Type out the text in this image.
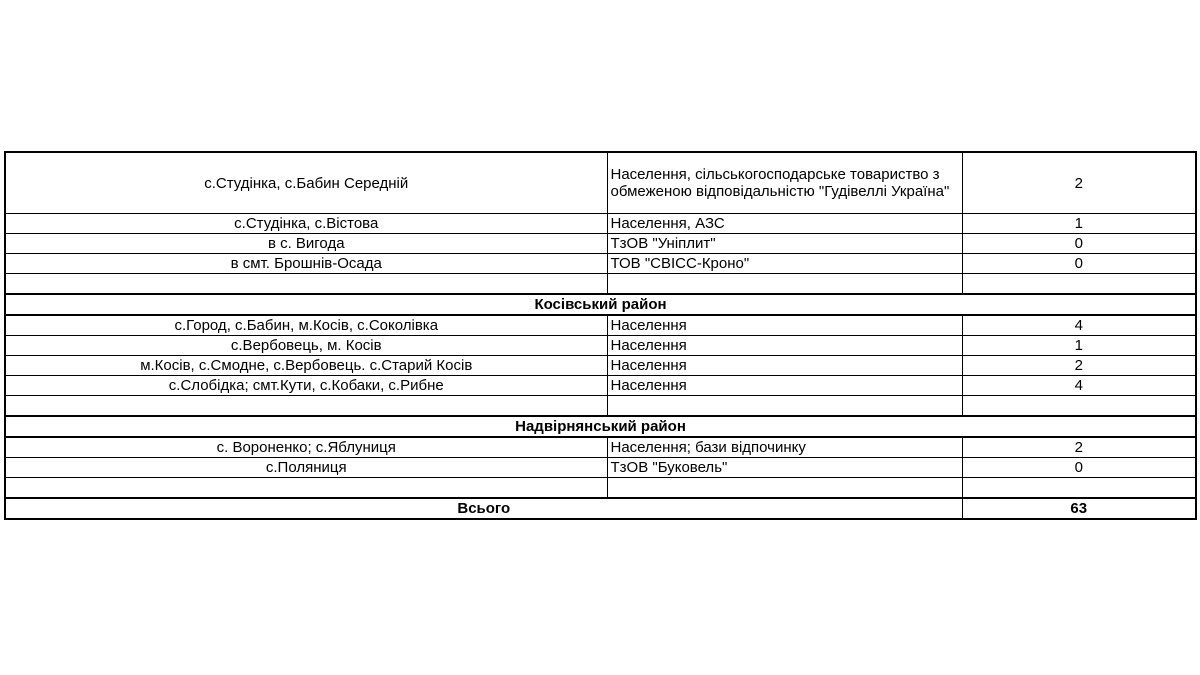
с.Студінка, с.Бабин Середній	Населення, сільськогосподарське товариство з обмеженою відповідальністю "Гудівеллі Україна"	2
с.Студінка, с.Вістова	Населення, АЗС	1
в с. Вигода	ТзОВ "Уніплит"	0
в смт. Брошнів-Осада	ТОВ "СВІСС-Кроно"	0

Косівський район		
с.Город, с.Бабин, м.Косів, с.Соколівка	Населення	4
с.Вербовець, м. Косів	Населення	1
м.Косів, с.Смодне, с.Вербовець. с.Старий Косів	Населення	2
с.Слобідка; смт.Кути, с.Кобаки, с.Рибне	Населення	4

Надвірнянський район		
с. Вороненко; с.Яблуниця	Населення; бази відпочинку	2
с.Поляниця	ТзОВ "Буковель"	0

Всього		63
